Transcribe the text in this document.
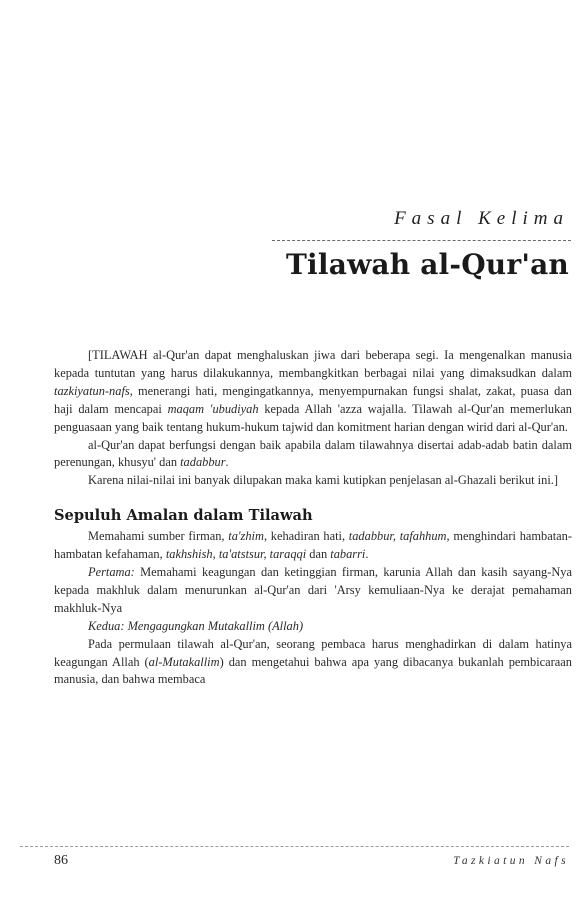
Fasal Kelima
Tilawah al-Qur'an

[TILAWAH al-Qur'an dapat menghaluskan jiwa dari beberapa segi. Ia mengenalkan manusia kepada tuntutan yang harus dilakukannya, membangkitkan berbagai nilai yang dimaksudkan dalam tazkiyatun-nafs, menerangi hati, mengingatkannya, menyempurnakan fungsi shalat, zakat, puasa dan haji dalam mencapai maqam 'ubudiyah kepada Allah 'azza wajalla. Tilawah al-Qur'an memerlukan penguasaan yang baik tentang hukum-hukum tajwid dan komitment harian dengan wirid dari al-Qur'an.

al-Qur'an dapat berfungsi dengan baik apabila dalam tilawahnya disertai adab-adab batin dalam perenungan, khusyu' dan tadabbur.

Karena nilai-nilai ini banyak dilupakan maka kami kutipkan penjelasan al-Ghazali berikut ini.]

Sepuluh Amalan dalam Tilawah

Memahami sumber firman, ta'zhim, kehadiran hati, tadabbur, tafahhum, menghindari hambatan-hambatan kefahaman, takhshish, ta'atstsur, taraqqi dan tabarri.

Pertama: Memahami keagungan dan ketinggian firman, karunia Allah dan kasih sayang-Nya kepada makhluk dalam menurunkan al-Qur'an dari 'Arsy kemuliaan-Nya ke derajat pemahaman makhluk-Nya

Kedua: Mengagungkan Mutakallim (Allah)

Pada permulaan tilawah al-Qur'an, seorang pembaca harus menghadirkan di dalam hatinya keagungan Allah (al-Mutakallim) dan mengetahui bahwa apa yang dibacanya bukanlah pembicaraan manusia, dan bahwa membaca

86	Tazkiatun Nafs
